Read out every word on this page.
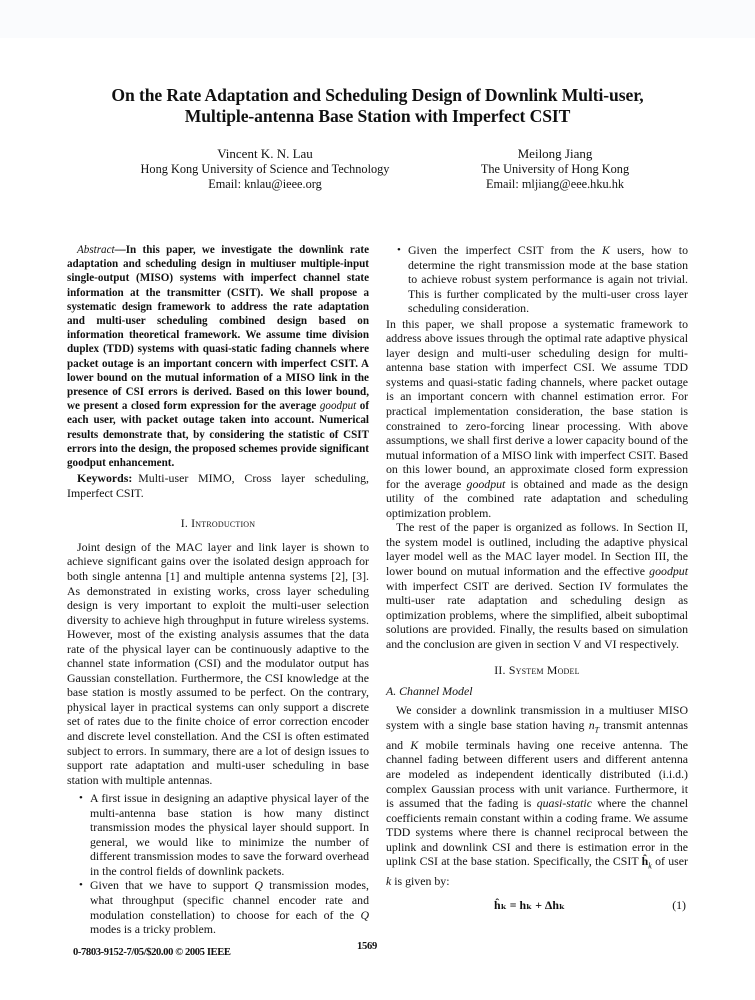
On the Rate Adaptation and Scheduling Design of Downlink Multi-user,
Multiple-antenna Base Station with Imperfect CSIT
Vincent K. N. Lau
Hong Kong University of Science and Technology
Email: knlau@ieee.org
Meilong Jiang
The University of Hong Kong
Email: mljiang@eee.hku.hk

Abstract—In this paper, we investigate the downlink rate adaptation and scheduling design in multiuser multiple-input single-output (MISO) systems with imperfect channel state information at the transmitter (CSIT). We shall propose a systematic design framework to address the rate adaptation and multi-user scheduling combined design based on information theoretical framework. We assume time division duplex (TDD) systems with quasi-static fading channels where packet outage is an important concern with imperfect CSIT. A lower bound on the mutual information of a MISO link in the presence of CSI errors is derived. Based on this lower bound, we present a closed form expression for the average goodput of each user, with packet outage taken into account. Numerical results demonstrate that, by considering the statistic of CSIT errors into the design, the proposed schemes provide significant goodput enhancement.

Keywords: Multi-user MIMO, Cross layer scheduling, Imperfect CSIT.

I. Introduction

Joint design of the MAC layer and link layer is shown to achieve significant gains over the isolated design approach for both single antenna [1] and multiple antenna systems [2], [3]. As demonstrated in existing works, cross layer scheduling design is very important to exploit the multi-user selection diversity to achieve high throughput in future wireless systems. However, most of the existing analysis assumes that the data rate of the physical layer can be continuously adaptive to the channel state information (CSI) and the modulator output has Gaussian constellation. Furthermore, the CSI knowledge at the base station is mostly assumed to be perfect. On the contrary, physical layer in practical systems can only support a discrete set of rates due to the finite choice of error correction encoder and discrete level constellation. And the CSI is often estimated subject to errors. In summary, there are a lot of design issues to support rate adaptation and multi-user scheduling in base station with multiple antennas.

• A first issue in designing an adaptive physical layer of the multi-antenna base station is how many distinct transmission modes the physical layer should support. In general, we would like to minimize the number of different transmission modes to save the forward overhead in the control fields of downlink packets.
• Given that we have to support Q transmission modes, what throughput (specific channel encoder rate and modulation constellation) to choose for each of the Q modes is a tricky problem.
• Given the imperfect CSIT from the K users, how to determine the right transmission mode at the base station to achieve robust system performance is again not trivial. This is further complicated by the multi-user cross layer scheduling consideration.

In this paper, we shall propose a systematic framework to address above issues through the optimal rate adaptive physical layer design and multi-user scheduling design for multi-antenna base station with imperfect CSI. We assume TDD systems and quasi-static fading channels, where packet outage is an important concern with channel estimation error. For practical implementation consideration, the base station is constrained to zero-forcing linear processing. With above assumptions, we shall first derive a lower capacity bound of the mutual information of a MISO link with imperfect CSIT. Based on this lower bound, an approximate closed form expression for the average goodput is obtained and made as the design utility of the combined rate adaptation and scheduling optimization problem.

The rest of the paper is organized as follows. In Section II, the system model is outlined, including the adaptive physical layer model well as the MAC layer model. In Section III, the lower bound on mutual information and the effective goodput with imperfect CSIT are derived. Section IV formulates the multi-user rate adaptation and scheduling design as optimization problems, where the simplified, albeit suboptimal solutions are provided. Finally, the results based on simulation and the conclusion are given in section V and VI respectively.

II. System Model
A. Channel Model

We consider a downlink transmission in a multiuser MISO system with a single base station having $n_T$ transmit antennas and K mobile terminals having one receive antenna. The channel fading between different users and different antenna are modeled as independent identically distributed (i.i.d.) complex Gaussian process with unit variance. Furthermore, it is assumed that the fading is quasi-static where the channel coefficients remain constant within a coding frame. We assume TDD systems where there is channel reciprocal between the uplink and downlink CSI and there is estimation error in the uplink CSI at the base station. Specifically, the CSIT $ĥ_k$ of user k is given by:

ĥₖ = hₖ + Δhₖ	(1)
0-7803-9152-7/05/$20.00 © 2005 IEEE
1569
